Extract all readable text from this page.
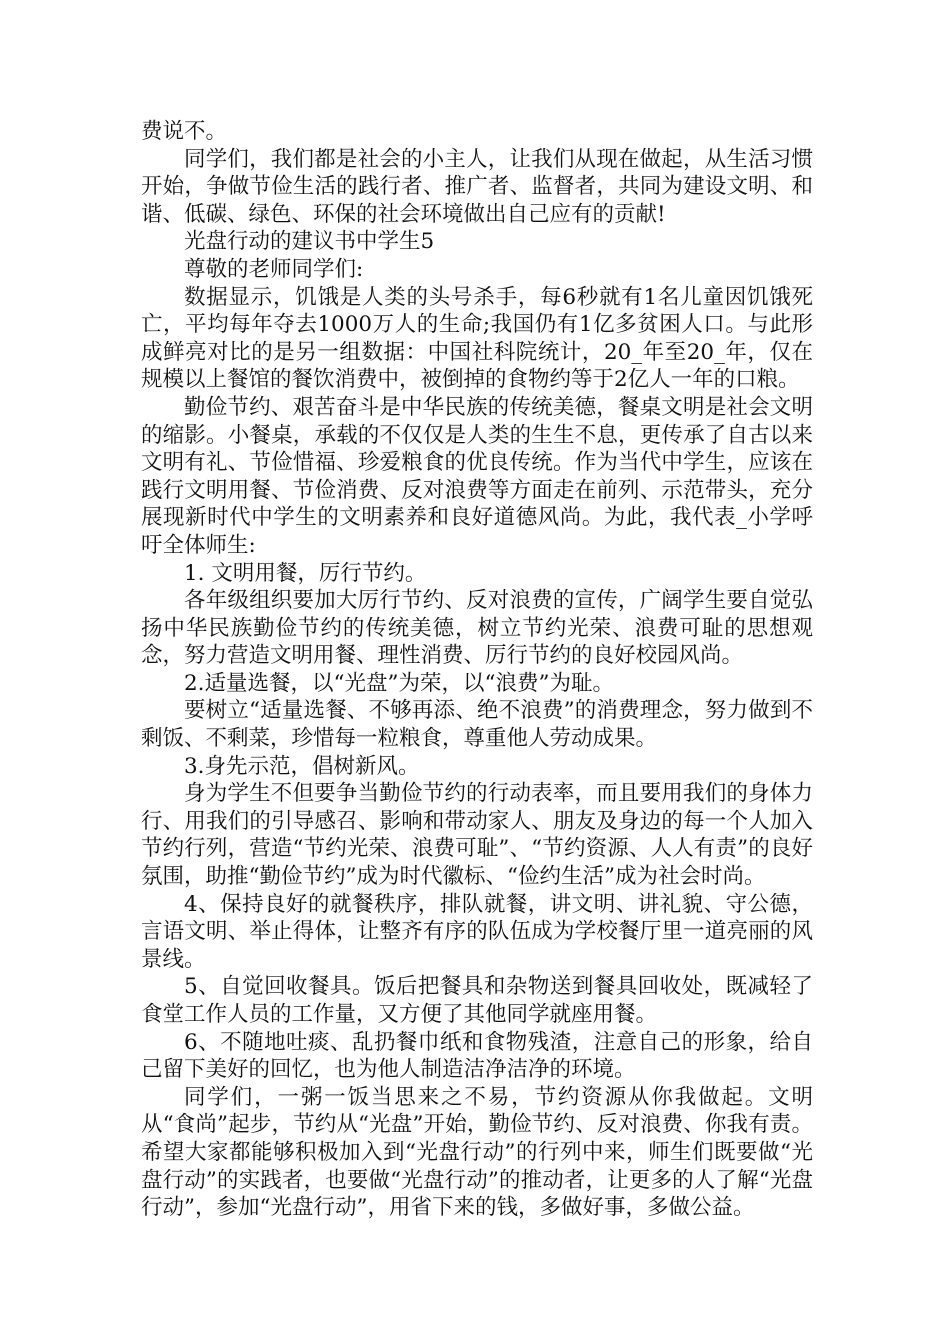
费说不。

同学们，我们都是社会的小主人，让我们从现在做起，从生活习惯开始，争做节俭生活的践行者、推广者、监督者，共同为建设文明、和谐、低碳、绿色、环保的社会环境做出自己应有的贡献!

光盘行动的建议书中学生5

尊敬的老师同学们:

数据显示，饥饿是人类的头号杀手，每6秒就有1名儿童因饥饿死亡，平均每年夺去1000万人的生命;我国仍有1亿多贫困人口。与此形成鲜亮对比的是另一组数据：中国社科院统计，20_年至20_年，仅在规模以上餐馆的餐饮消费中，被倒掉的食物约等于2亿人一年的口粮。

勤俭节约、艰苦奋斗是中华民族的传统美德，餐桌文明是社会文明的缩影。小餐桌，承载的不仅仅是人类的生生不息，更传承了自古以来文明有礼、节俭惜福、珍爱粮食的优良传统。作为当代中学生，应该在践行文明用餐、节俭消费、反对浪费等方面走在前列、示范带头，充分展现新时代中学生的文明素养和良好道德风尚。为此，我代表_小学呼吁全体师生:

1. 文明用餐，厉行节约。

各年级组织要加大厉行节约、反对浪费的宣传，广阔学生要自觉弘扬中华民族勤俭节约的传统美德，树立节约光荣、浪费可耻的思想观念，努力营造文明用餐、理性消费、厉行节约的良好校园风尚。

2.适量选餐，以“光盘”为荣，以“浪费”为耻。

要树立“适量选餐、不够再添、绝不浪费”的消费理念，努力做到不剩饭、不剩菜，珍惜每一粒粮食，尊重他人劳动成果。

3.身先示范，倡树新风。

身为学生不但要争当勤俭节约的行动表率，而且要用我们的身体力行、用我们的引导感召、影响和带动家人、朋友及身边的每一个人加入节约行列，营造“节约光荣、浪费可耻”、“节约资源、人人有责”的良好氛围，助推“勤俭节约”成为时代徽标、“俭约生活”成为社会时尚。

4、保持良好的就餐秩序，排队就餐，讲文明、讲礼貌、守公德，言语文明、举止得体，让整齐有序的队伍成为学校餐厅里一道亮丽的风景线。

5、自觉回收餐具。饭后把餐具和杂物送到餐具回收处，既减轻了食堂工作人员的工作量，又方便了其他同学就座用餐。

6、不随地吐痰、乱扔餐巾纸和食物残渣，注意自己的形象，给自己留下美好的回忆，也为他人制造洁净洁净的环境。

同学们，一粥一饭当思来之不易，节约资源从你我做起。文明从“食尚”起步，节约从“光盘”开始，勤俭节约、反对浪费、你我有责。希望大家都能够积极加入到“光盘行动”的行列中来，师生们既要做“光盘行动”的实践者，也要做“光盘行动”的推动者，让更多的人了解“光盘行动”，参加“光盘行动”，用省下来的钱，多做好事，多做公益。
